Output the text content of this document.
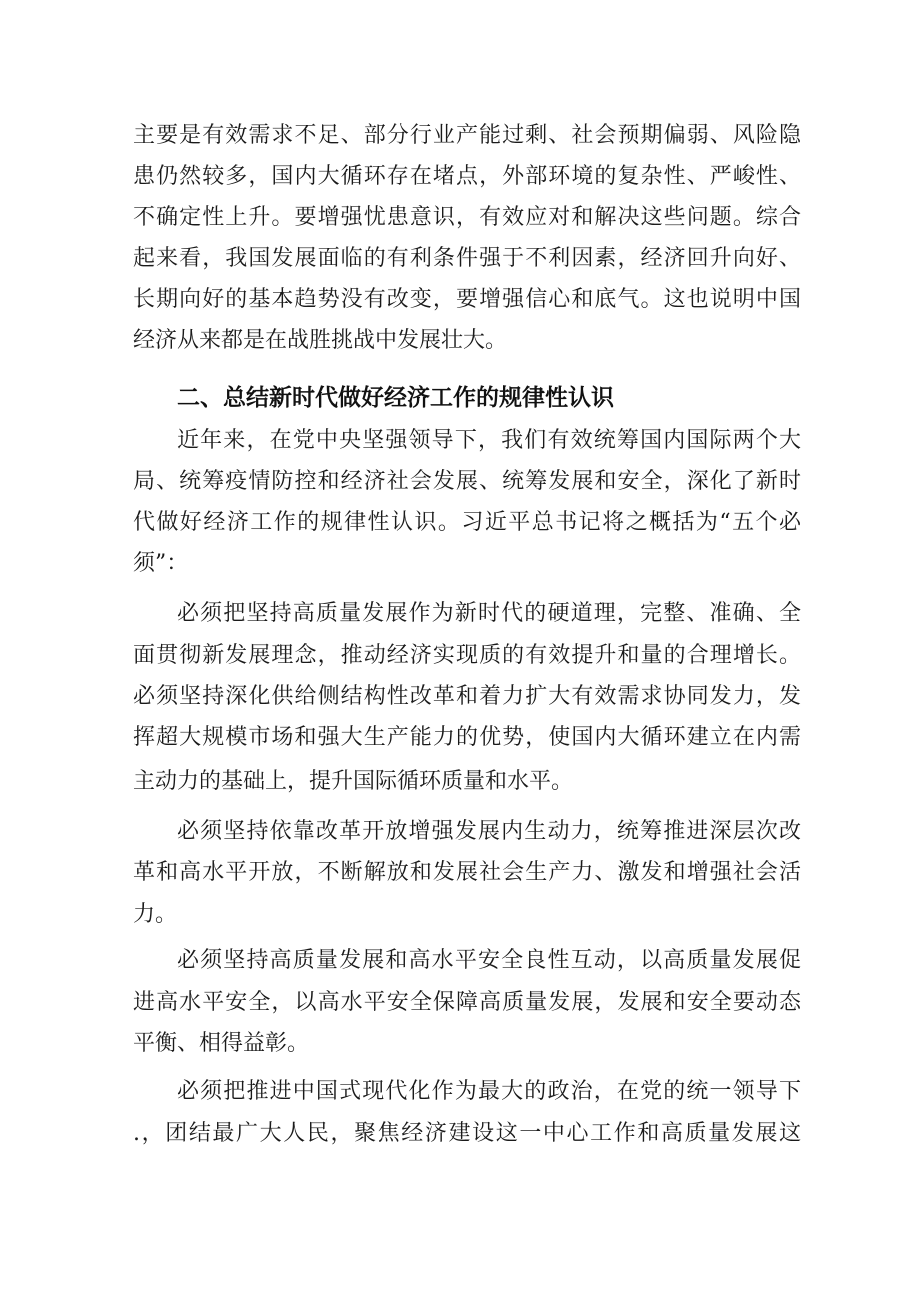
主要是有效需求不足、部分行业产能过剩、社会预期偏弱、风险隐
患仍然较多，国内大循环存在堵点，外部环境的复杂性、严峻性、
不确定性上升。要增强忧患意识，有效应对和解决这些问题。综合
起来看，我国发展面临的有利条件强于不利因素，经济回升向好、
长期向好的基本趋势没有改变，要增强信心和底气。这也说明中国
经济从来都是在战胜挑战中发展壮大。
二、总结新时代做好经济工作的规律性认识
近年来，在党中央坚强领导下，我们有效统筹国内国际两个大
局、统筹疫情防控和经济社会发展、统筹发展和安全，深化了新时
代做好经济工作的规律性认识。习近平总书记将之概括为“五个必
须”：
必须把坚持高质量发展作为新时代的硬道理，完整、准确、全
面贯彻新发展理念，推动经济实现质的有效提升和量的合理增长。
必须坚持深化供给侧结构性改革和着力扩大有效需求协同发力，发
挥超大规模市场和强大生产能力的优势，使国内大循环建立在内需
主动力的基础上，提升国际循环质量和水平。
必须坚持依靠改革开放增强发展内生动力，统筹推进深层次改
革和高水平开放，不断解放和发展社会生产力、激发和增强社会活
力。
必须坚持高质量发展和高水平安全良性互动，以高质量发展促
进高水平安全，以高水平安全保障高质量发展，发展和安全要动态
平衡、相得益彰。
必须把推进中国式现代化作为最大的政治，在党的统一领导下
.，团结最广大人民，聚焦经济建设这一中心工作和高质量发展这
